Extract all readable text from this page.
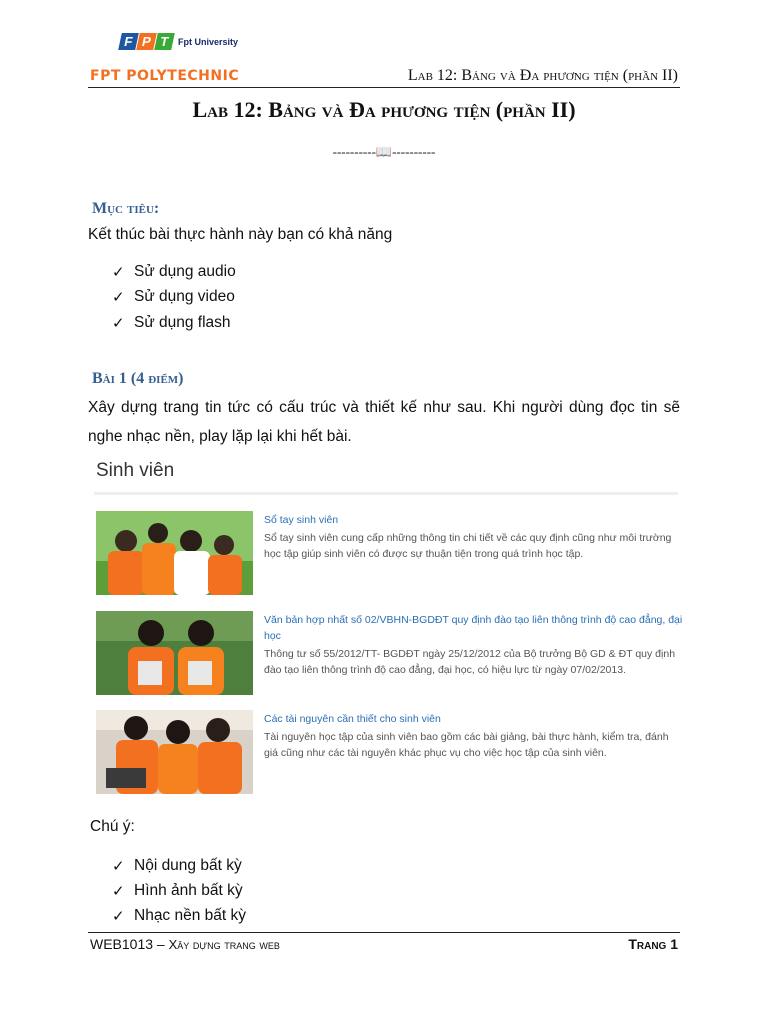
F P T Fpt University
FPT POLYTECHNIC	Lab 12: Bảng và Đa phương tiện (phần II)
Lab 12: Bảng và Đa phương tiện (phần II)
----------📖----------
Mục tiêu:
Kết thúc bài thực hành này bạn có khả năng
✓ Sử dụng audio
✓ Sử dụng video
✓ Sử dụng flash
Bài 1 (4 điểm)
Xây dựng trang tin tức có cấu trúc và thiết kế như sau. Khi người dùng đọc tin sẽ nghe nhạc nền, play lặp lại khi hết bài.
Sinh viên
Sổ tay sinh viên
Sổ tay sinh viên cung cấp những thông tin chi tiết về các quy định cũng như môi trường học tập giúp sinh viên có được sự thuận tiện trong quá trình học tập.
Văn bản hợp nhất số 02/VBHN-BGDĐT quy định đào tạo liên thông trình độ cao đẳng, đại học
Thông tư số 55/2012/TT- BGDĐT ngày 25/12/2012 của Bộ trưởng Bộ GD & ĐT quy định đào tạo liên thông trình độ cao đẳng, đại học, có hiệu lực từ ngày 07/02/2013.
Các tài nguyên cần thiết cho sinh viên
Tài nguyên học tập của sinh viên bao gồm các bài giảng, bài thực hành, kiểm tra, đánh giá cũng như các tài nguyên khác phục vụ cho việc học tập của sinh viên.
Chú ý:
✓ Nội dung bất kỳ
✓ Hình ảnh bất kỳ
✓ Nhạc nền bất kỳ
WEB1013 – Xây dựng trang web	Trang 1
